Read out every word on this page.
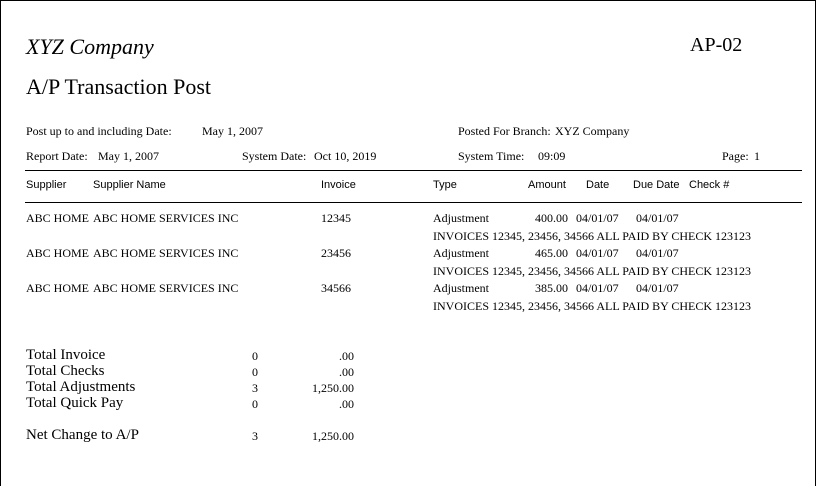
XYZ Company	AP-02
A/P Transaction Post
Post up to and including Date:	May 1, 2007	Posted For Branch: XYZ Company
Report Date: May 1, 2007	System Date: Oct 10, 2019	System Time: 09:09	Page: 1
Supplier Supplier Name	Invoice	Type	Amount Date Due Date Check #
ABC HOME ABC HOME SERVICES INC	12345	Adjustment	400.00 04/01/07 04/01/07
INVOICES 12345, 23456, 34566 ALL PAID BY CHECK 123123
ABC HOME ABC HOME SERVICES INC	23456	Adjustment	465.00 04/01/07 04/01/07
INVOICES 12345, 23456, 34566 ALL PAID BY CHECK 123123
ABC HOME ABC HOME SERVICES INC	34566	Adjustment	385.00 04/01/07 04/01/07
INVOICES 12345, 23456, 34566 ALL PAID BY CHECK 123123
Total Invoice	0	.00
Total Checks	0	.00
Total Adjustments	3	1,250.00
Total Quick Pay	0	.00
Net Change to A/P	3	1,250.00
